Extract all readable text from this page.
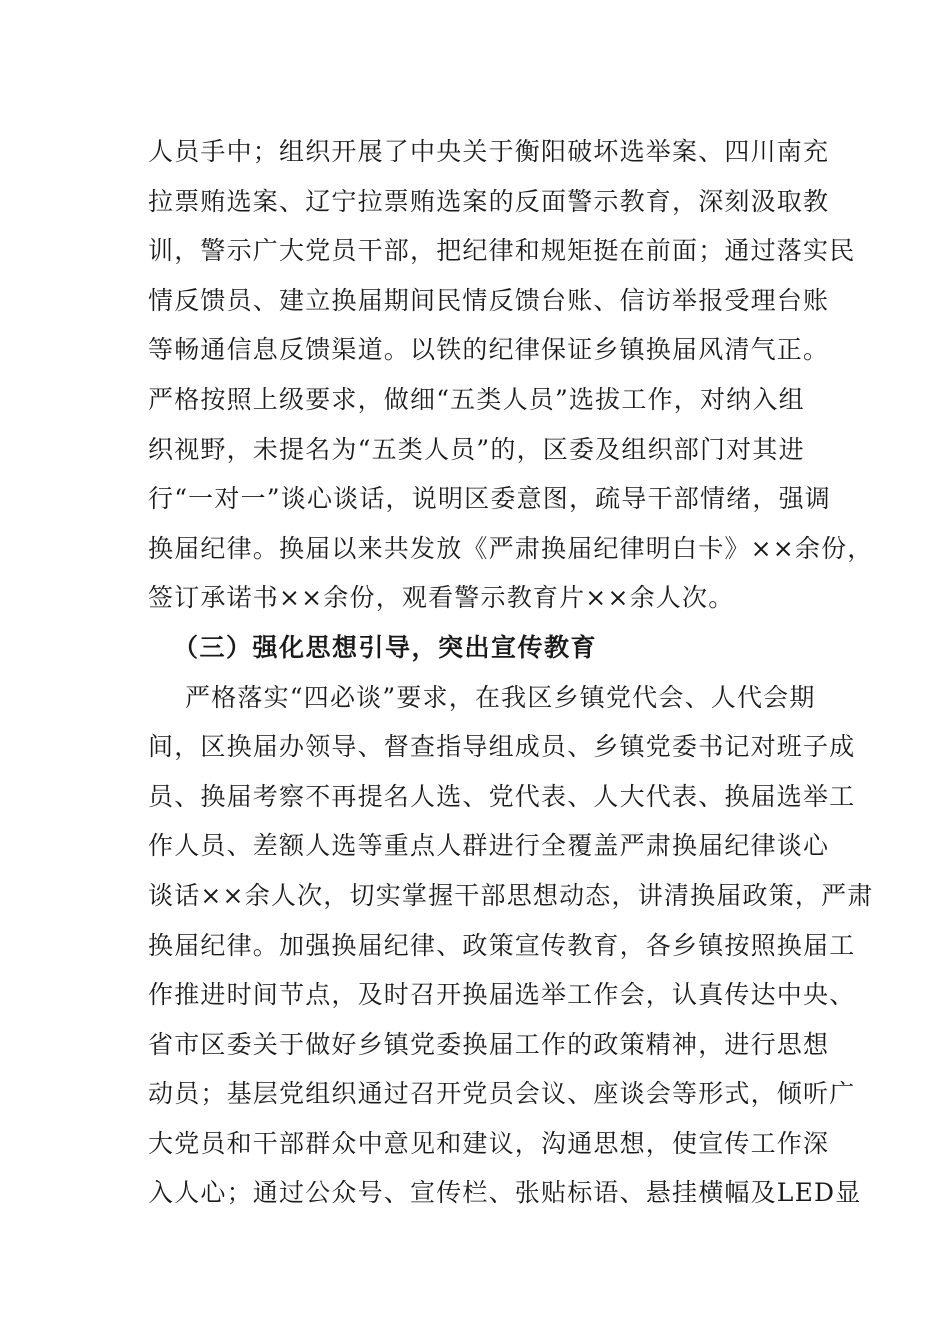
人员手中；组织开展了中央关于衡阳破坏选举案、四川南充
拉票贿选案、辽宁拉票贿选案的反面警示教育，深刻汲取教
训，警示广大党员干部，把纪律和规矩挺在前面；通过落实民
情反馈员、建立换届期间民情反馈台账、信访举报受理台账
等畅通信息反馈渠道。以铁的纪律保证乡镇换届风清气正。
严格按照上级要求，做细“五类人员”选拔工作，对纳入组
织视野，未提名为“五类人员”的，区委及组织部门对其进
行“一对一”谈心谈话，说明区委意图，疏导干部情绪，强调
换届纪律。换届以来共发放《严肃换届纪律明白卡》××余份，
签订承诺书××余份，观看警示教育片××余人次。
（三）强化思想引导，突出宣传教育
严格落实“四必谈”要求，在我区乡镇党代会、人代会期
间，区换届办领导、督查指导组成员、乡镇党委书记对班子成
员、换届考察不再提名人选、党代表、人大代表、换届选举工
作人员、差额人选等重点人群进行全覆盖严肃换届纪律谈心
谈话××余人次，切实掌握干部思想动态，讲清换届政策，严肃
换届纪律。加强换届纪律、政策宣传教育，各乡镇按照换届工
作推进时间节点，及时召开换届选举工作会，认真传达中央、
省市区委关于做好乡镇党委换届工作的政策精神，进行思想
动员；基层党组织通过召开党员会议、座谈会等形式，倾听广
大党员和干部群众中意见和建议，沟通思想，使宣传工作深
入人心；通过公众号、宣传栏、张贴标语、悬挂横幅及LED显
